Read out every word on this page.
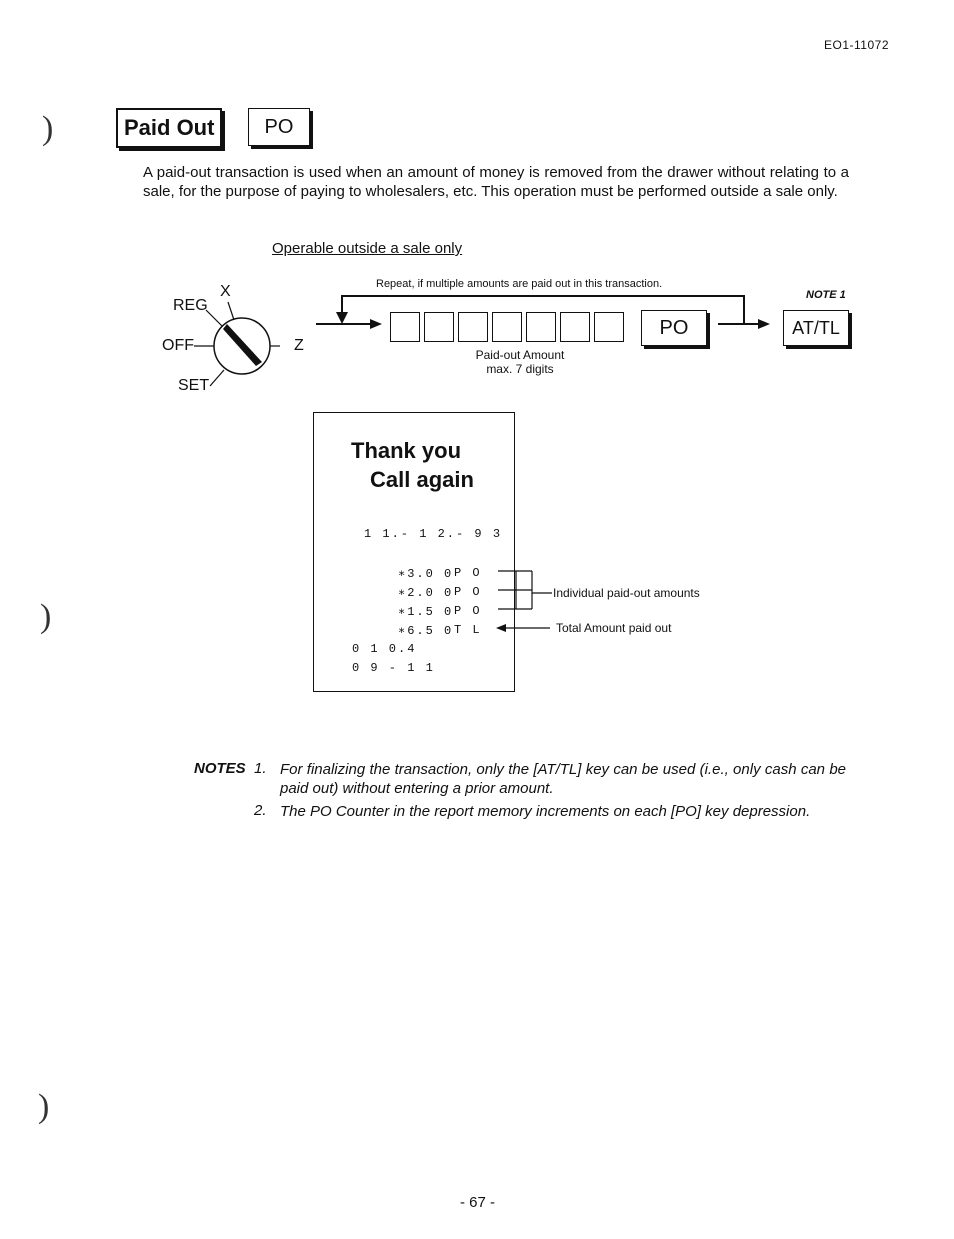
EO1-11072
)
)
)
Paid Out	PO
A paid-out transaction is used when an amount of money is removed from the drawer without relating to a sale, for the purpose of paying to wholesalers, etc. This operation must be performed outside a sale only.
Operable outside a sale only
X
REG
OFF	Z
SET
Repeat, if multiple amounts are paid out in this transaction.
NOTE 1
PO	AT/TL
Paid-out Amount
max. 7 digits
Thank you
Call again
1 1.- 1 2.- 9 3
∗3.0 0 P O
∗2.0 0 P O
∗1.5 0 P O
∗6.5 0 T L
0 1 0.4
0 9 - 1 1
Individual paid-out amounts
Total Amount paid out
NOTES 1. For finalizing the transaction, only the [AT/TL] key can be used (i.e., only cash can be paid out) without entering a prior amount.
2. The PO Counter in the report memory increments on each [PO] key depression.
- 67 -
